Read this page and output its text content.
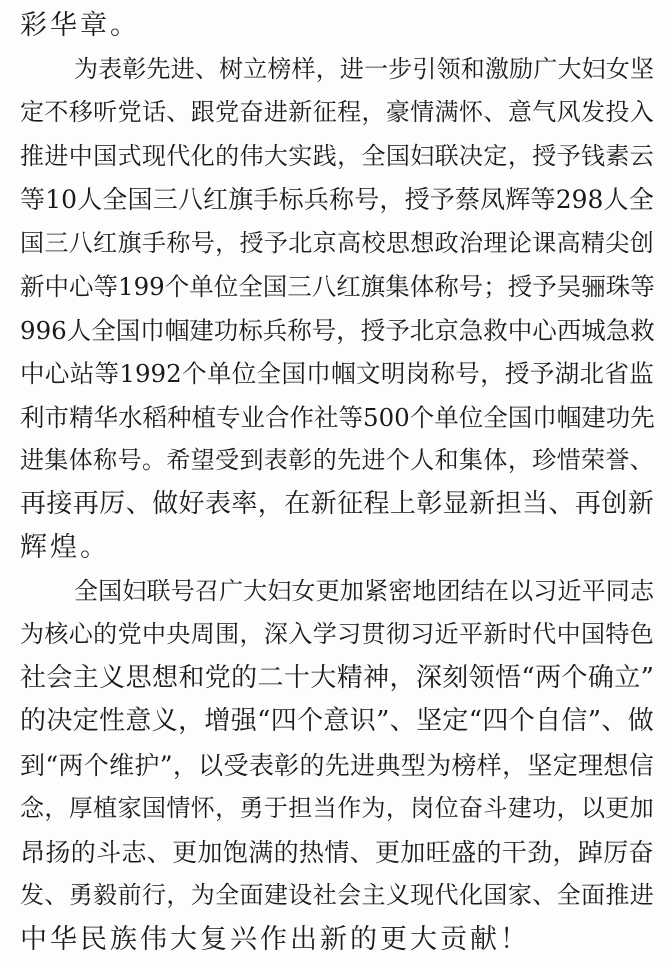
彩华章。
为 表 彰 先 进 、 树 立 榜 样 ， 进 一 步 引 领 和 激 励 广 大 妇 女 坚
定 不 移 听 党 话 、 跟 党 奋 进 新 征 程 ， 豪 情 满 怀 、 意 气 风 发 投 入
推 进 中 国 式 现 代 化 的 伟 大 实 践 ， 全 国 妇 联 决 定 ， 授 予 钱 素 云
等 10 人 全 国 三 八 红 旗 手 标 兵 称 号 ， 授 予 蔡 凤 辉 等 298 人 全
国 三 八 红 旗 手 称 号 ， 授 予 北 京 高 校 思 想 政 治 理 论 课 高 精 尖 创
新 中 心 等 199 个 单 位 全 国 三 八 红 旗 集 体 称 号 ； 授 予 吴 骊 珠 等
996 人 全 国 巾 帼 建 功 标 兵 称 号 ， 授 予 北 京 急 救 中 心 西 城 急 救
中 心 站 等 1992 个 单 位 全 国 巾 帼 文 明 岗 称 号 ， 授 予 湖 北 省 监
利 市 精 华 水 稻 种 植 专 业 合 作 社 等 500 个 单 位 全 国 巾 帼 建 功 先
进 集 体 称 号 。 希 望 受 到 表 彰 的 先 进 个 人 和 集 体 ， 珍 惜 荣 誉 、
再 接 再 厉 、 做 好 表 率 ， 在 新 征 程 上 彰 显 新 担 当 、 再 创 新
辉煌。
全 国 妇 联 号 召 广 大 妇 女 更 加 紧 密 地 团 结 在 以 习 近 平 同 志
为 核 心 的 党 中 央 周 围 ， 深 入 学 习 贯 彻 习 近 平 新 时 代 中 国 特 色
社 会 主 义 思 想 和 党 的 二 十 大 精 神 ， 深 刻 领 悟 “ 两 个 确 立 ”
的 决 定 性 意 义 ， 增 强 “ 四 个 意 识 ” 、 坚 定 “ 四 个 自 信 ” 、 做
到 “ 两 个 维 护 ” ， 以 受 表 彰 的 先 进 典 型 为 榜 样 ， 坚 定 理 想 信
念 ， 厚 植 家 国 情 怀 ， 勇 于 担 当 作 为 ， 岗 位 奋 斗 建 功 ， 以 更 加
昂 扬 的 斗 志 、 更 加 饱 满 的 热 情 、 更 加 旺 盛 的 干 劲 ， 踔 厉 奋
发 、 勇 毅 前 行 ， 为 全 面 建 设 社 会 主 义 现 代 化 国 家 、 全 面 推 进
中华民族伟大复兴作出新的更大贡献！
